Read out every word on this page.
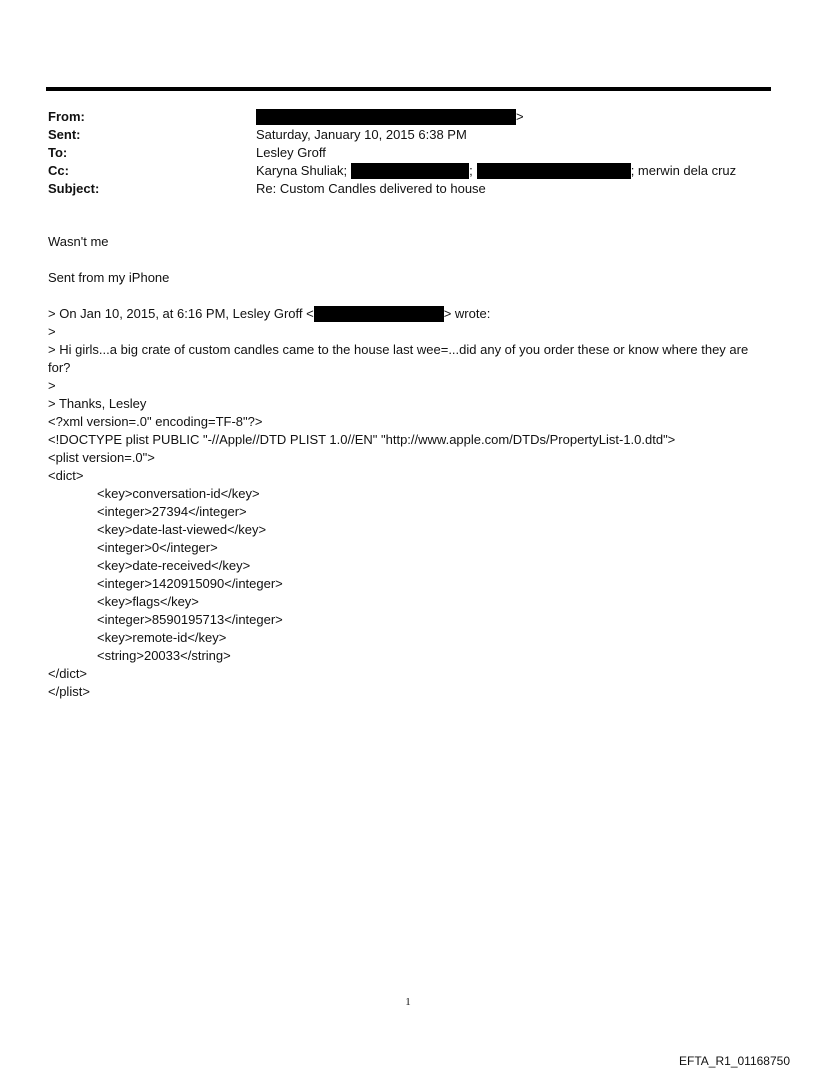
From:	>
Sent:	Saturday, January 10, 2015 6:38 PM
To:	Lesley Groff
Cc:	Karyna Shuliak;	;	; merwin dela cruz
Subject:	Re: Custom Candles delivered to house
Wasn't me
Sent from my iPhone
> On Jan 10, 2015, at 6:16 PM, Lesley Groff <	> wrote:
>
> Hi girls...a big crate of custom candles came to the house last wee=...did any of you order these or know where they are for?
>
> Thanks, Lesley
<?xml version=.0" encoding=TF-8"?>
<!DOCTYPE plist PUBLIC "-//Apple//DTD PLIST 1.0//EN" "http://www.apple.com/DTDs/PropertyList-1.0.dtd">
<plist version=.0">
<dict>
<key>conversation-id</key>
<integer>27394</integer>
<key>date-last-viewed</key>
<integer>0</integer>
<key>date-received</key>
<integer>1420915090</integer>
<key>flags</key>
<integer>8590195713</integer>
<key>remote-id</key>
<string>20033</string>
</dict>
</plist>
1
EFTA_R1_01168750
